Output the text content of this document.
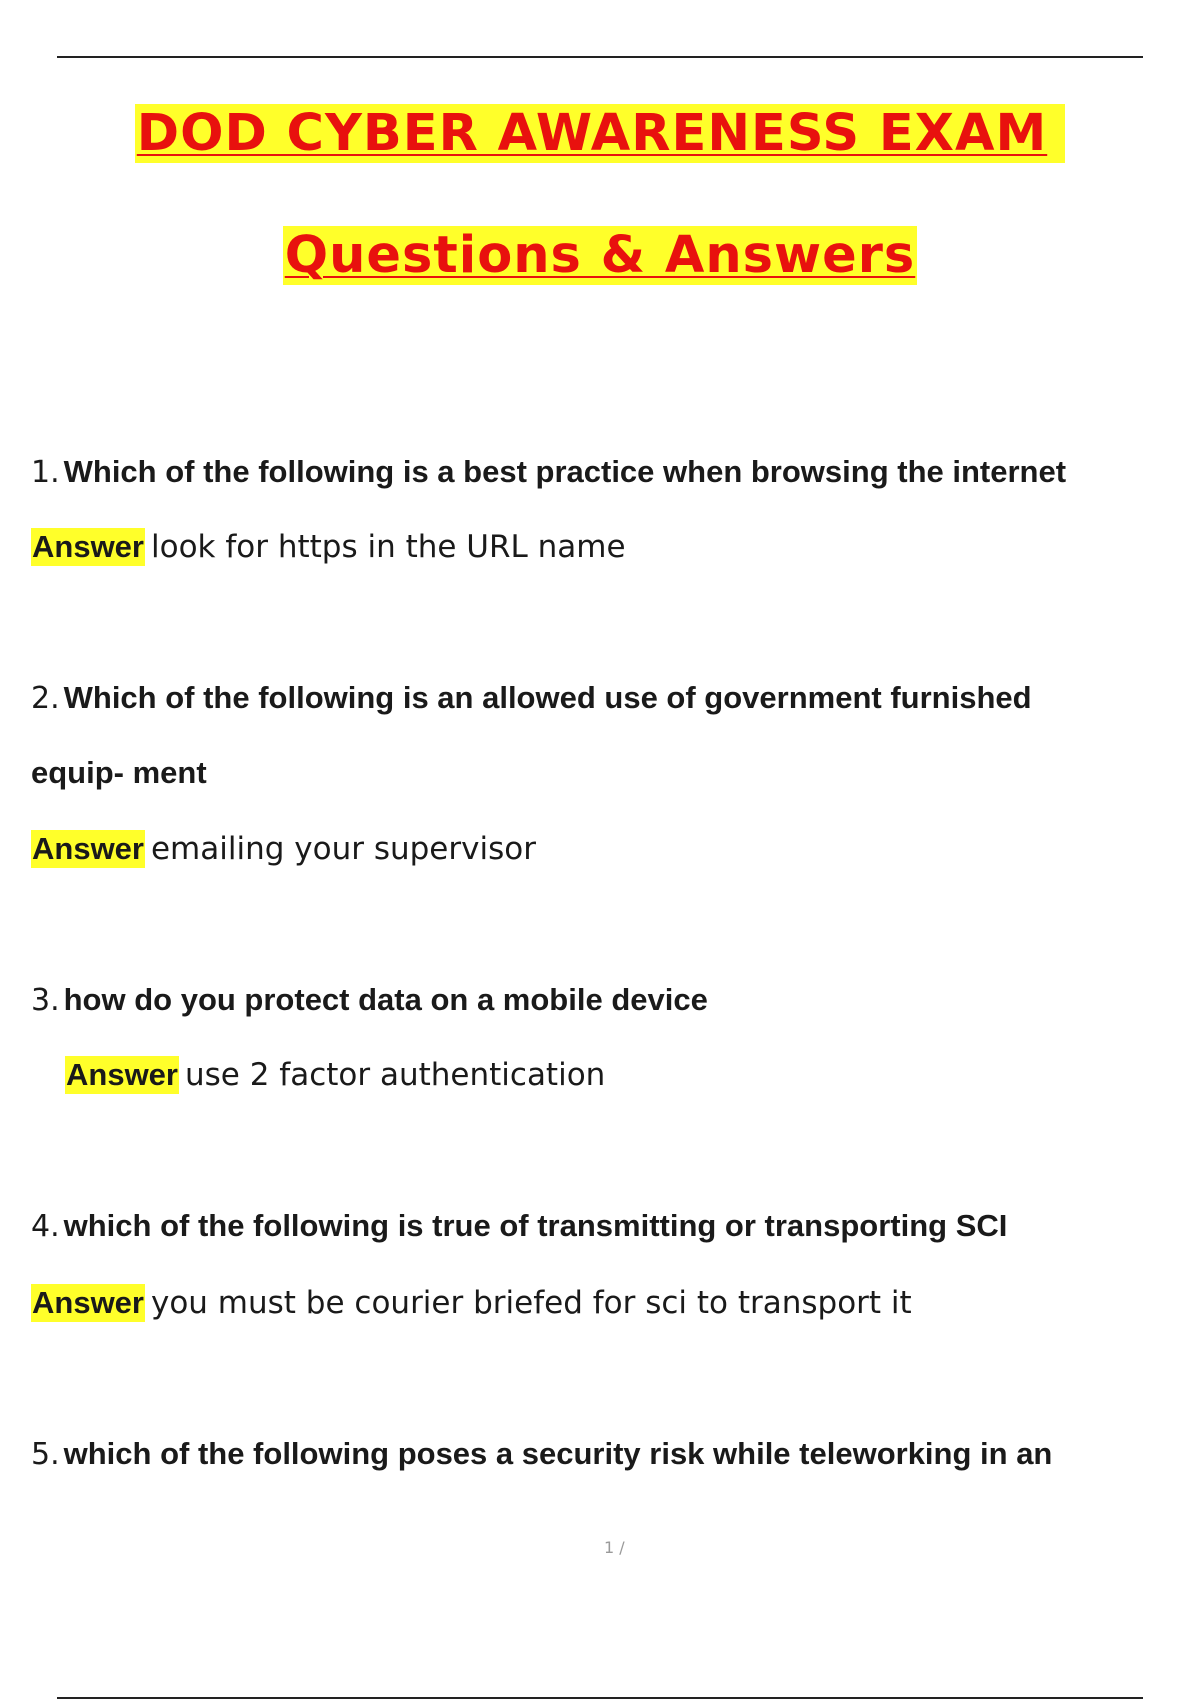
DOD CYBER AWARENESS EXAM
Questions & Answers
1. Which of the following is a best practice when browsing the internet
Answer look for https in the URL name
2. Which of the following is an allowed use of government furnished
equip- ment
Answer emailing your supervisor
3. how do you protect data on a mobile device
Answer use 2 factor authentication
4. which of the following is true of transmitting or transporting SCI
Answer you must be courier briefed for sci to transport it
5. which of the following poses a security risk while teleworking in an
1 /
